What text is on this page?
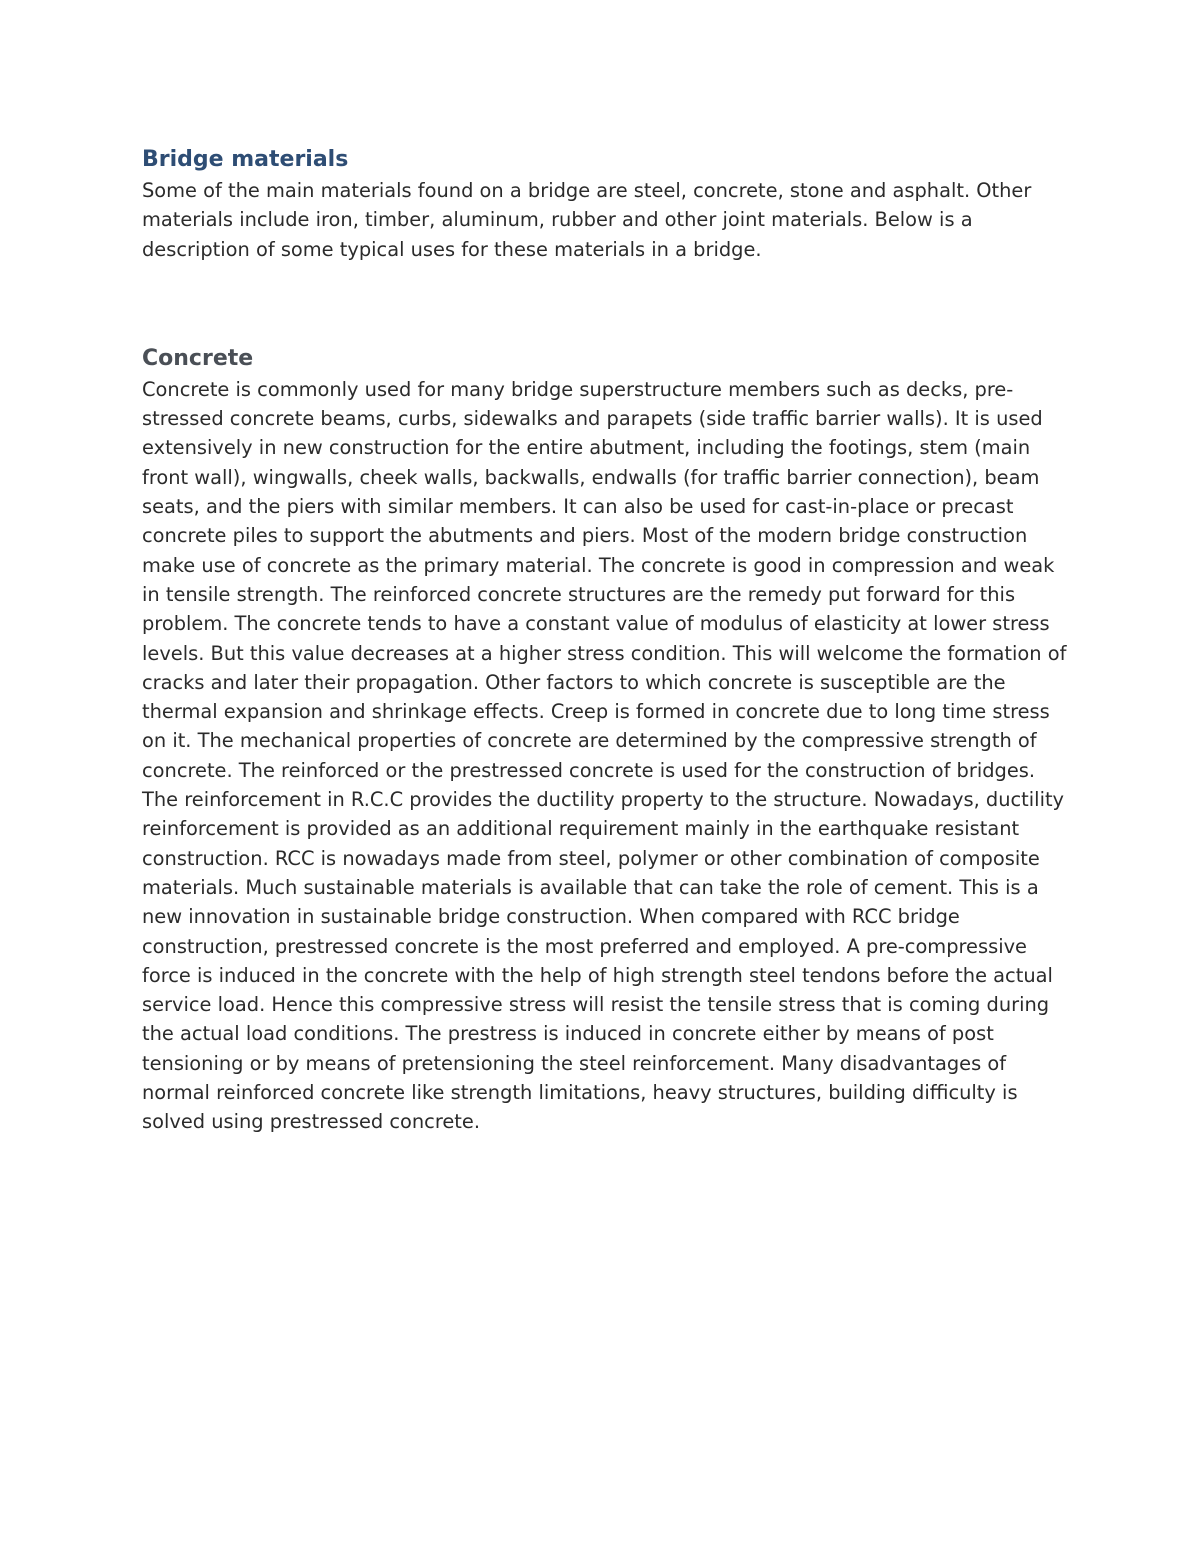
Bridge materials

Some of the main materials found on a bridge are steel, concrete, stone and asphalt. Other materials include iron, timber, aluminum, rubber and other joint materials. Below is a description of some typical uses for these materials in a bridge.

Concrete

Concrete is commonly used for many bridge superstructure members such as decks, pre-stressed concrete beams, curbs, sidewalks and parapets (side traffic barrier walls). It is used extensively in new construction for the entire abutment, including the footings, stem (main front wall), wingwalls, cheek walls, backwalls, endwalls (for traffic barrier connection), beam seats, and the piers with similar members. It can also be used for cast-in-place or precast concrete piles to support the abutments and piers. Most of the modern bridge construction make use of concrete as the primary material. The concrete is good in compression and weak in tensile strength. The reinforced concrete structures are the remedy put forward for this problem. The concrete tends to have a constant value of modulus of elasticity at lower stress levels. But this value decreases at a higher stress condition. This will welcome the formation of cracks and later their propagation. Other factors to which concrete is susceptible are the thermal expansion and shrinkage effects. Creep is formed in concrete due to long time stress on it. The mechanical properties of concrete are determined by the compressive strength of concrete. The reinforced or the prestressed concrete is used for the construction of bridges. The reinforcement in R.C.C provides the ductility property to the structure. Nowadays, ductility reinforcement is provided as an additional requirement mainly in the earthquake resistant construction. RCC is nowadays made from steel, polymer or other combination of composite materials. Much sustainable materials is available that can take the role of cement. This is a new innovation in sustainable bridge construction. When compared with RCC bridge construction, prestressed concrete is the most preferred and employed. A pre-compressive force is induced in the concrete with the help of high strength steel tendons before the actual service load. Hence this compressive stress will resist the tensile stress that is coming during the actual load conditions. The prestress is induced in concrete either by means of post tensioning or by means of pretensioning the steel reinforcement. Many disadvantages of normal reinforced concrete like strength limitations, heavy structures, building difficulty is solved using prestressed concrete.
